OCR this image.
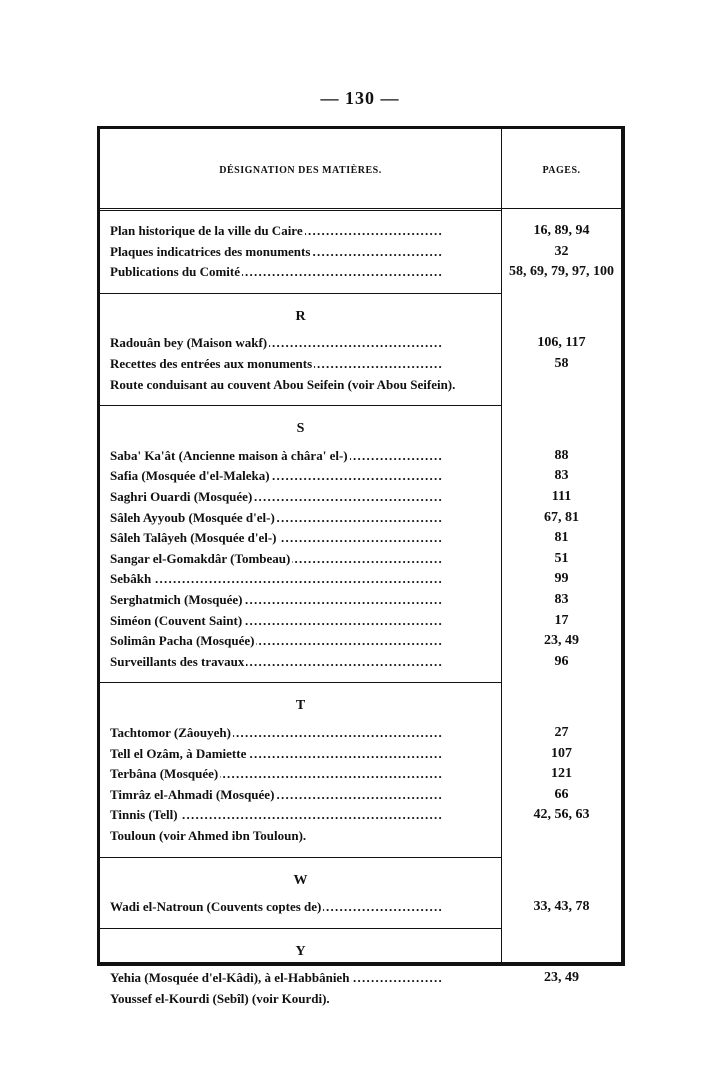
— 130 —
DÉSIGNATION DES MATIÈRES.	PAGES.
Plan historique de la ville du Caire . . .	16, 89, 94
Plaques indicatrices des monuments . . .	32
Publications du Comité . . .	58, 69, 79, 97, 100
R
Radouân bey (Maison wakf) . . .	106, 117
Recettes des entrées aux monuments . . .	58
Route conduisant au couvent Abou Seifein (voir Abou Seifein).
S
Saba' Ka'ât (Ancienne maison à châra' el-) . . .	88
Safia (Mosquée d'el-Maleka) . . .	83
Saghri Ouardi (Mosquée) . . .	111
Sâleh Ayyoub (Mosquée d'el-) . . .	67, 81
Sâleh Talâyeh (Mosquée d'el-) . . .	81
Sangar el-Gomakdâr (Tombeau) . . .	51
Sebâkh . . .	99
Serghatmich (Mosquée) . . .	83
Siméon (Couvent Saint) . . .	17
Solimân Pacha (Mosquée) . . .	23, 49
Surveillants des travaux . . .	96
T
Tachtomor (Zâouyeh) . . .	27
Tell el Ozâm, à Damiette . . .	107
Terbâna (Mosquée) . . .	121
Timrâz el-Ahmadi (Mosquée) . . .	66
Tinnis (Tell) . . .	42, 56, 63
Touloun (voir Ahmed ibn Touloun).
W
Wadi el-Natroun (Couvents coptes de) . . .	33, 43, 78
Y
Yehia (Mosquée d'el-Kâdi), à el-Habbânieh . . .	23, 49
Youssef el-Kourdi (Sebîl) (voir Kourdi).
